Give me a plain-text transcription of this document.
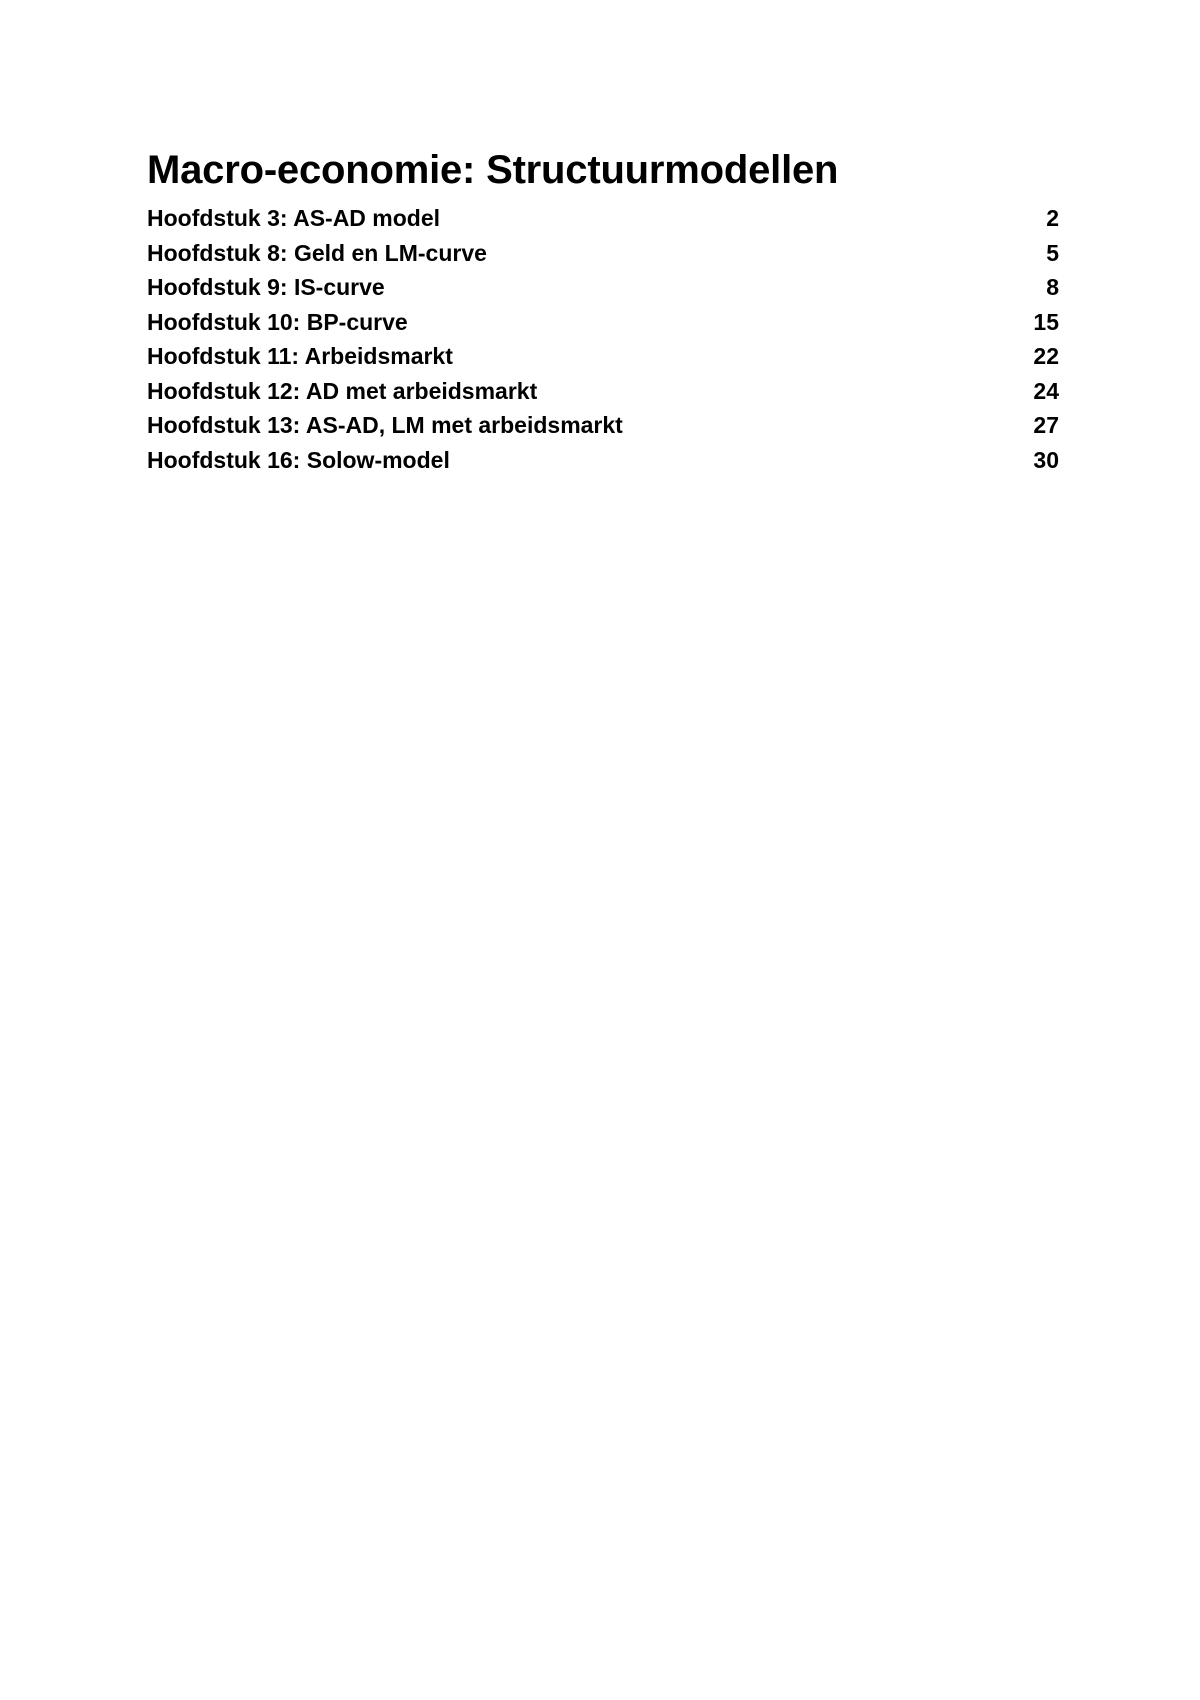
Macro-economie: Structuurmodellen
Hoofdstuk 3: AS-AD model	2
Hoofdstuk 8: Geld en LM-curve	5
Hoofdstuk 9: IS-curve	8
Hoofdstuk 10: BP-curve	15
Hoofdstuk 11: Arbeidsmarkt	22
Hoofdstuk 12: AD met arbeidsmarkt	24
Hoofdstuk 13: AS-AD, LM met arbeidsmarkt	27
Hoofdstuk 16: Solow-model	30
